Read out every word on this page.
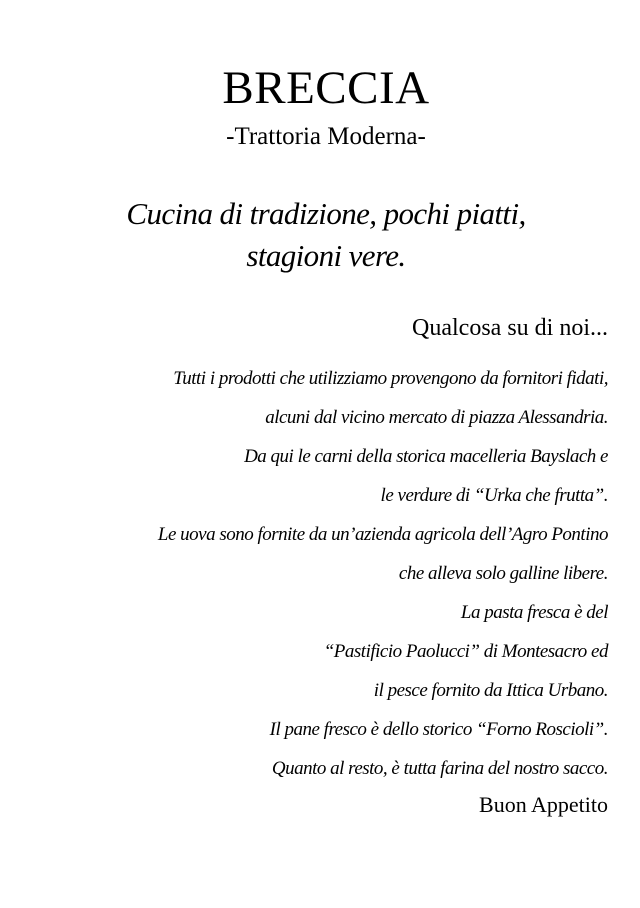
BRECCIA
-Trattoria Moderna-
Cucina di tradizione, pochi piatti,
stagioni vere.
Qualcosa su di noi...
Tutti i prodotti che utilizziamo provengono da fornitori fidati,
alcuni dal vicino mercato di piazza Alessandria.
Da qui le carni della storica macelleria Bayslach e
le verdure di “Urka che frutta”.
Le uova sono fornite da un’azienda agricola dell’Agro Pontino
che alleva solo galline libere.
La pasta fresca è del
“Pastificio Paolucci” di Montesacro ed
il pesce fornito da Ittica Urbano.
Il pane fresco è dello storico “Forno Roscioli”.
Quanto al resto, è tutta farina del nostro sacco.
Buon Appetito
